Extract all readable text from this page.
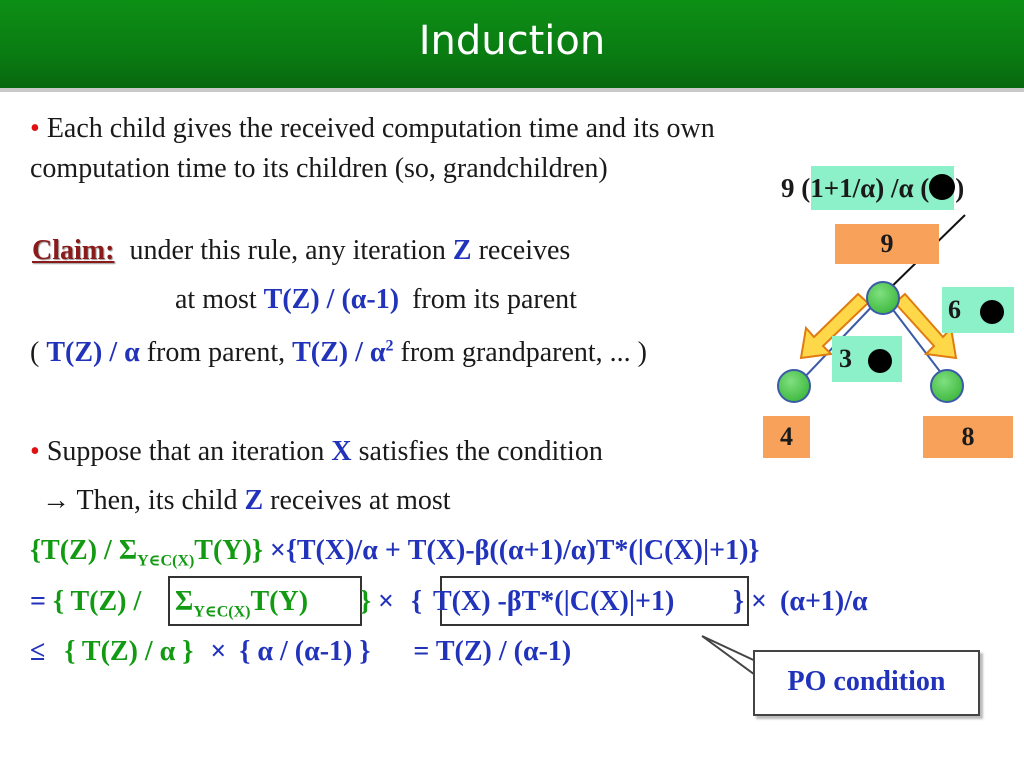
Induction
• Each child gives the received computation time and its own
computation time to its children (so, grandchildren)
Claim: under this rule, any iteration Z receives
at most T(Z) / (α-1) from its parent
( T(Z) / α from parent, $T(Z) / \alpha^2$ from grandparent, ... )
• Suppose that an iteration X satisfies the condition
→ Then, its child Z receives at most
$\{T(Z) / \Sigma_{Y\in C(X)}T(Y)\} \times\{T(X)/\alpha + T(X)-\beta((\alpha+1)/\alpha)T*(|C(X)|+1)\}$
= { $T(Z) / \Sigma_{Y\in C(X)}T(Y)$ } × { T(X) -βT*(|C(X)|+1) } × (α+1)/α
≤ { T(Z) / α } × { α / (α-1) } = T(Z) / (α-1)
PO condition
9 (1+1/α) /α ( )
9
6
3
4	8
